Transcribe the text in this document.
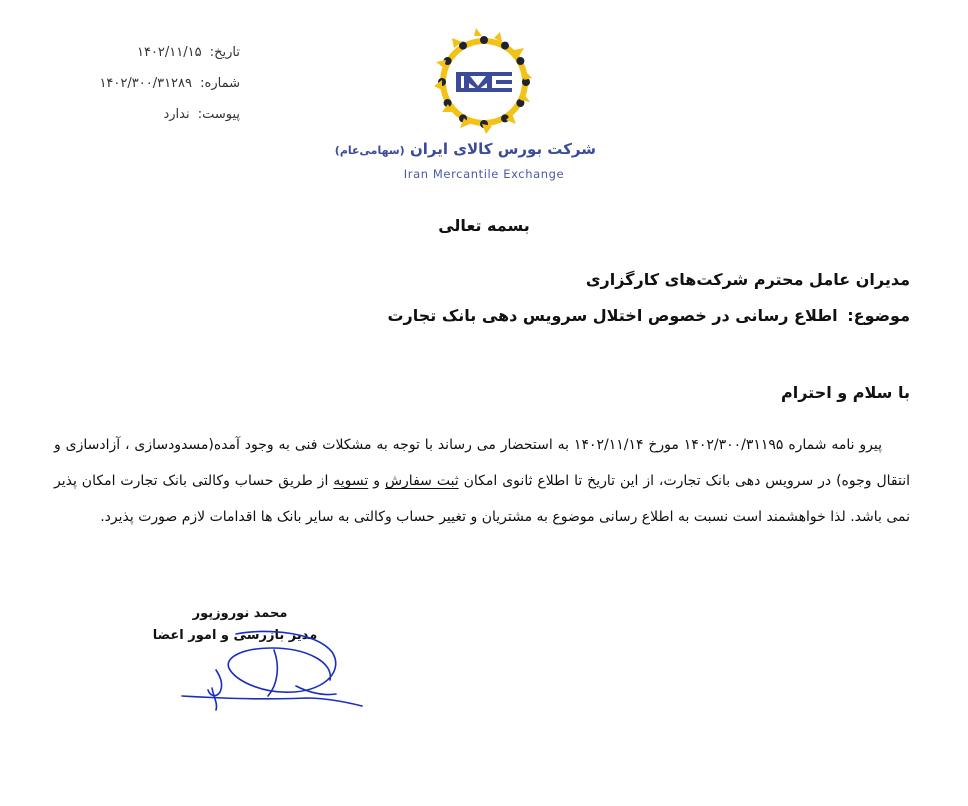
تاریخ: ۱۴۰۲/۱۱/۱۵
شماره: ۱۴۰۲/۳۰۰/۳۱۲۸۹
پیوست: ندارد
شرکت بورس کالای ایران (سهامی‌عام)
Iran Mercantile Exchange
بسمه تعالی
مدیران عامل محترم شرکت‌های کارگزاری
موضوع: اطلاع رسانی در خصوص اختلال سرویس دهی بانک تجارت
با سلام و احترام
پیرو نامه شماره ۱۴۰۲/۳۰۰/۳۱۱۹۵ مورخ ۱۴۰۲/۱۱/۱۴ به استحضار می رساند با توجه به مشکلات فنی به وجود آمده(مسدودسازی ، آزادسازی و انتقال وجوه) در سرویس دهی بانک تجارت، از این تاریخ تا اطلاع ثانوی امکان ثبت سفارش و تسویه از طریق حساب وکالتی بانک تجارت امکان پذیر نمی باشد. لذا خواهشمند است نسبت به اطلاع رسانی موضوع به مشتریان و تغییر حساب وکالتی به سایر بانک ها اقدامات لازم صورت پذیرد.
محمد نوروزپور
مدیر بازرسی و امور اعضا
